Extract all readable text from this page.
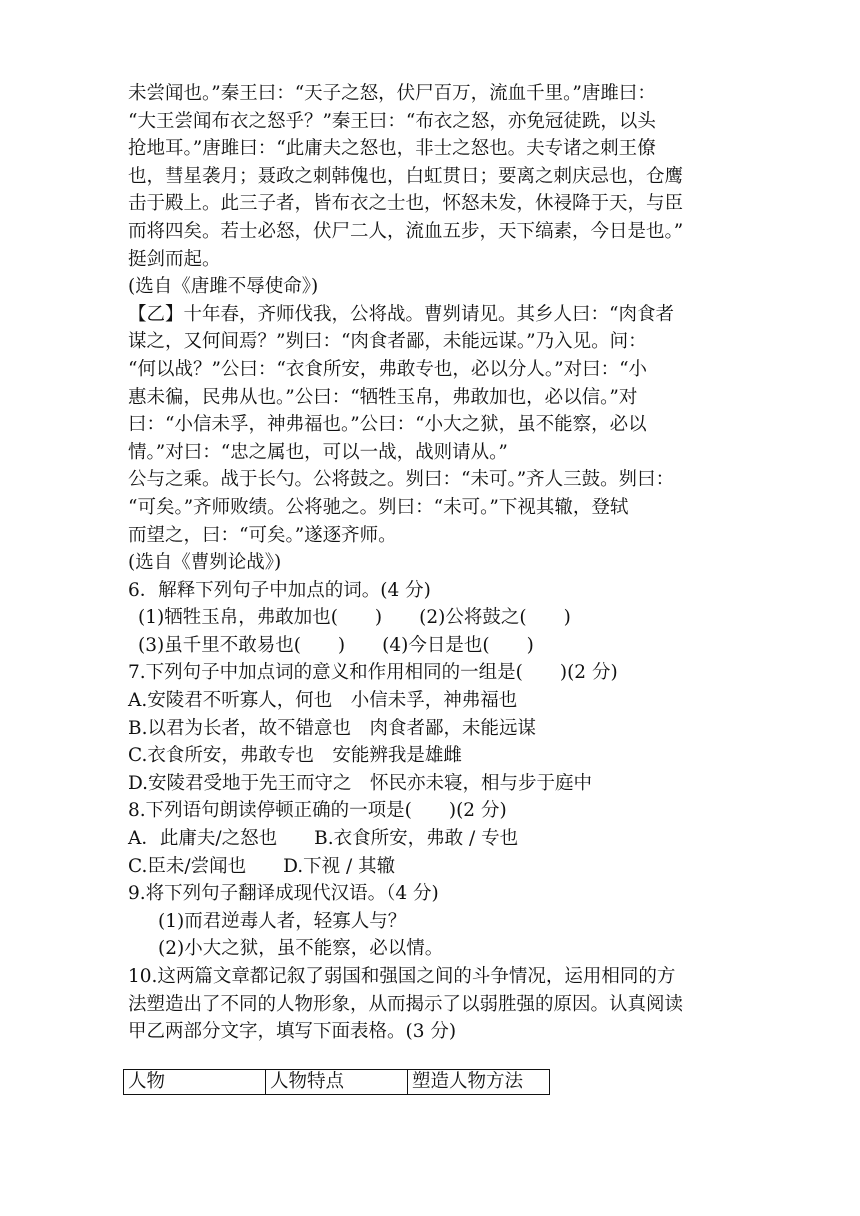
未尝闻也。”秦王曰：“天子之怒，伏尸百万，流血千里。”唐雎曰：
“大王尝闻布衣之怒乎？”秦王曰：“布衣之怒，亦免冠徒跣，以头
抢地耳。”唐雎曰：“此庸夫之怒也，非士之怒也。夫专诸之刺王僚
也，彗星袭月；聂政之刺韩傀也，白虹贯日；要离之刺庆忌也，仓鹰
击于殿上。此三子者，皆布衣之士也，怀怒未发，休祲降于天，与臣
而将四矣。若士必怒，伏尸二人，流血五步，天下缟素，今日是也。”
挺剑而起。

(选自《唐雎不辱使命》)

【乙】十年春，齐师伐我，公将战。曹刿请见。其乡人曰：“肉食者
谋之，又何间焉？”刿曰：“肉食者鄙，未能远谋。”乃入见。问：
“何以战？”公曰：“衣食所安，弗敢专也，必以分人。”对曰：“小
惠未徧，民弗从也。”公曰：“牺牲玉帛，弗敢加也，必以信。”对
曰：“小信未孚，神弗福也。”公曰：“小大之狱，虽不能察，必以
情。”对曰：“忠之属也，可以一战，战则请从。”
公与之乘。战于长勺。公将鼓之。刿曰：“未可。”齐人三鼓。刿曰：
“可矣。”齐师败绩。公将驰之。刿曰：“未可。”下视其辙，登轼
而望之，曰：“可矣。”遂逐齐师。

(选自《曹刿论战》)

6．解释下列句子中加点的词。(4 分)
(1)牺牲玉帛，弗敢加也(　　)　　(2)公将鼓之(　　)
(3)虽千里不敢易也(　　)　　(4)今日是也(　　)
7.下列句子中加点词的意义和作用相同的一组是(　　)(2 分)
A.安陵君不听寡人，何也　小信未孚，神弗福也
B.以君为长者，故不错意也　肉食者鄙，未能远谋
C.衣食所安，弗敢专也　安能辨我是雄雌
D.安陵君受地于先王而守之　怀民亦未寝，相与步于庭中
8.下列语句朗读停顿正确的一项是(　　)(2 分)
A．此庸夫/之怒也　　B.衣食所安，弗敢 / 专也
C.臣未/尝闻也　　D.下视 / 其辙
9.将下列句子翻译成现代汉语。（4 分)
(1)而君逆毒人者，轻寡人与？
(2)小大之狱，虽不能察，必以情。
10.这两篇文章都记叙了弱国和强国之间的斗争情况，运用相同的方
法塑造出了不同的人物形象，从而揭示了以弱胜强的原因。认真阅读
甲乙两部分文字，填写下面表格。(3 分)
人物	人物特点	塑造人物方法
